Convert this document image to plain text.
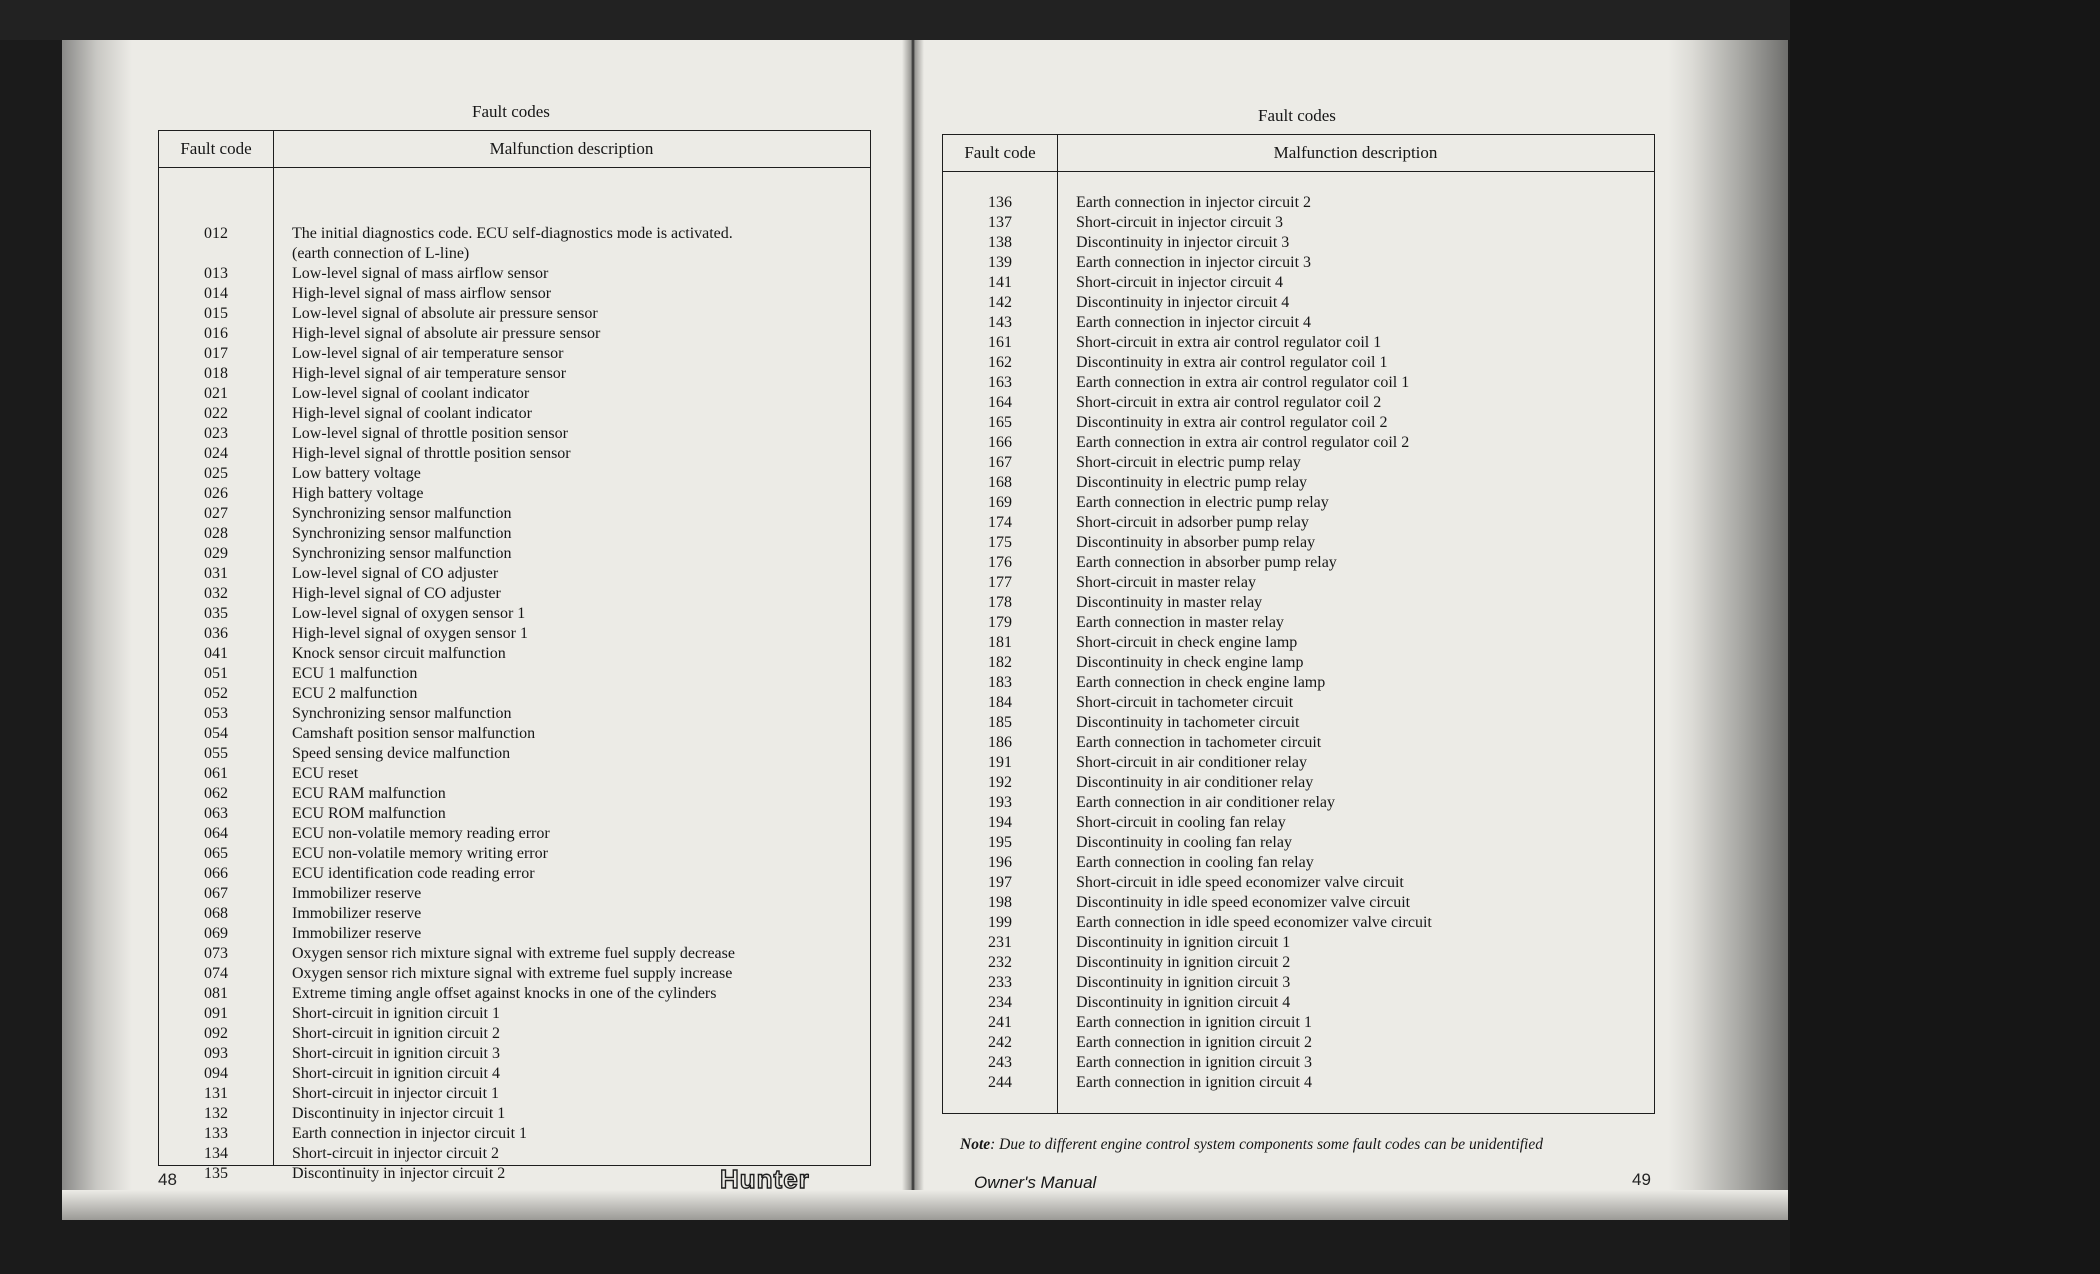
Fault codes
Fault code	Malfunction description
012	The initial diagnostics code. ECU self-diagnostics mode is activated.
(earth connection of L-line)
013	Low-level signal of mass airflow sensor
014	High-level signal of mass airflow sensor
015	Low-level signal of absolute air pressure sensor
016	High-level signal of absolute air pressure sensor
017	Low-level signal of air temperature sensor
018	High-level signal of air temperature sensor
021	Low-level signal of coolant indicator
022	High-level signal of coolant indicator
023	Low-level signal of throttle position sensor
024	High-level signal of throttle position sensor
025	Low battery voltage
026	High battery voltage
027	Synchronizing sensor malfunction
028	Synchronizing sensor malfunction
029	Synchronizing sensor malfunction
031	Low-level signal of CO adjuster
032	High-level signal of CO adjuster
035	Low-level signal of oxygen sensor 1
036	High-level signal of oxygen sensor 1
041	Knock sensor circuit malfunction
051	ECU 1 malfunction
052	ECU 2 malfunction
053	Synchronizing sensor malfunction
054	Camshaft position sensor malfunction
055	Speed sensing device malfunction
061	ECU reset
062	ECU RAM malfunction
063	ECU ROM malfunction
064	ECU non-volatile memory reading error
065	ECU non-volatile memory writing error
066	ECU identification code reading error
067	Immobilizer reserve
068	Immobilizer reserve
069	Immobilizer reserve
073	Oxygen sensor rich mixture signal with extreme fuel supply decrease
074	Oxygen sensor rich mixture signal with extreme fuel supply increase
081	Extreme timing angle offset against knocks in one of the cylinders
091	Short-circuit in ignition circuit 1
092	Short-circuit in ignition circuit 2
093	Short-circuit in ignition circuit 3
094	Short-circuit in ignition circuit 4
131	Short-circuit in injector circuit 1
132	Discontinuity in injector circuit 1
133	Earth connection in injector circuit 1
134	Short-circuit in injector circuit 2
135	Discontinuity in injector circuit 2
48	Hunter
Fault codes
Fault code	Malfunction description
136	Earth connection in injector circuit 2
137	Short-circuit in injector circuit 3
138	Discontinuity in injector circuit 3
139	Earth connection in injector circuit 3
141	Short-circuit in injector circuit 4
142	Discontinuity in injector circuit 4
143	Earth connection in injector circuit 4
161	Short-circuit in extra air control regulator coil 1
162	Discontinuity in extra air control regulator coil 1
163	Earth connection in extra air control regulator coil 1
164	Short-circuit in extra air control regulator coil 2
165	Discontinuity in extra air control regulator coil 2
166	Earth connection in extra air control regulator coil 2
167	Short-circuit in electric pump relay
168	Discontinuity in electric pump relay
169	Earth connection in electric pump relay
174	Short-circuit in adsorber pump relay
175	Discontinuity in absorber pump relay
176	Earth connection in absorber pump relay
177	Short-circuit in master relay
178	Discontinuity in master relay
179	Earth connection in master relay
181	Short-circuit in check engine lamp
182	Discontinuity in check engine lamp
183	Earth connection in check engine lamp
184	Short-circuit in tachometer circuit
185	Discontinuity in tachometer circuit
186	Earth connection in tachometer circuit
191	Short-circuit in air conditioner relay
192	Discontinuity in air conditioner relay
193	Earth connection in air conditioner relay
194	Short-circuit in cooling fan relay
195	Discontinuity in cooling fan relay
196	Earth connection in cooling fan relay
197	Short-circuit in idle speed economizer valve circuit
198	Discontinuity in idle speed economizer valve circuit
199	Earth connection in idle speed economizer valve circuit
231	Discontinuity in ignition circuit 1
232	Discontinuity in ignition circuit 2
233	Discontinuity in ignition circuit 3
234	Discontinuity in ignition circuit 4
241	Earth connection in ignition circuit 1
242	Earth connection in ignition circuit 2
243	Earth connection in ignition circuit 3
244	Earth connection in ignition circuit 4
Note: Due to different engine control system components some fault codes can be unidentified
Owner's Manual	49
